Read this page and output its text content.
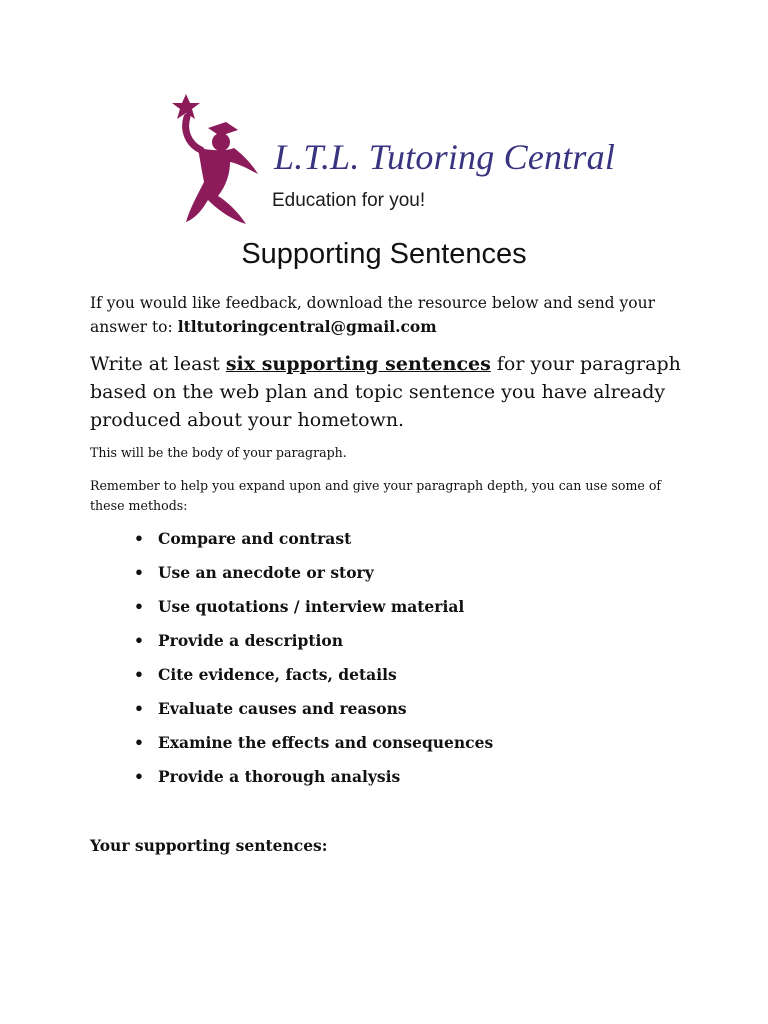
L.T.L. Tutoring Central
Education for you!
Supporting Sentences
If you would like feedback, download the resource below and send your answer to: ltltutoringcentral@gmail.com
Write at least six supporting sentences for your paragraph based on the web plan and topic sentence you have already produced about your hometown.
This will be the body of your paragraph.
Remember to help you expand upon and give your paragraph depth, you can use some of these methods:
• Compare and contrast
• Use an anecdote or story
• Use quotations / interview material
• Provide a description
• Cite evidence, facts, details
• Evaluate causes and reasons
• Examine the effects and consequences
• Provide a thorough analysis
Your supporting sentences:
